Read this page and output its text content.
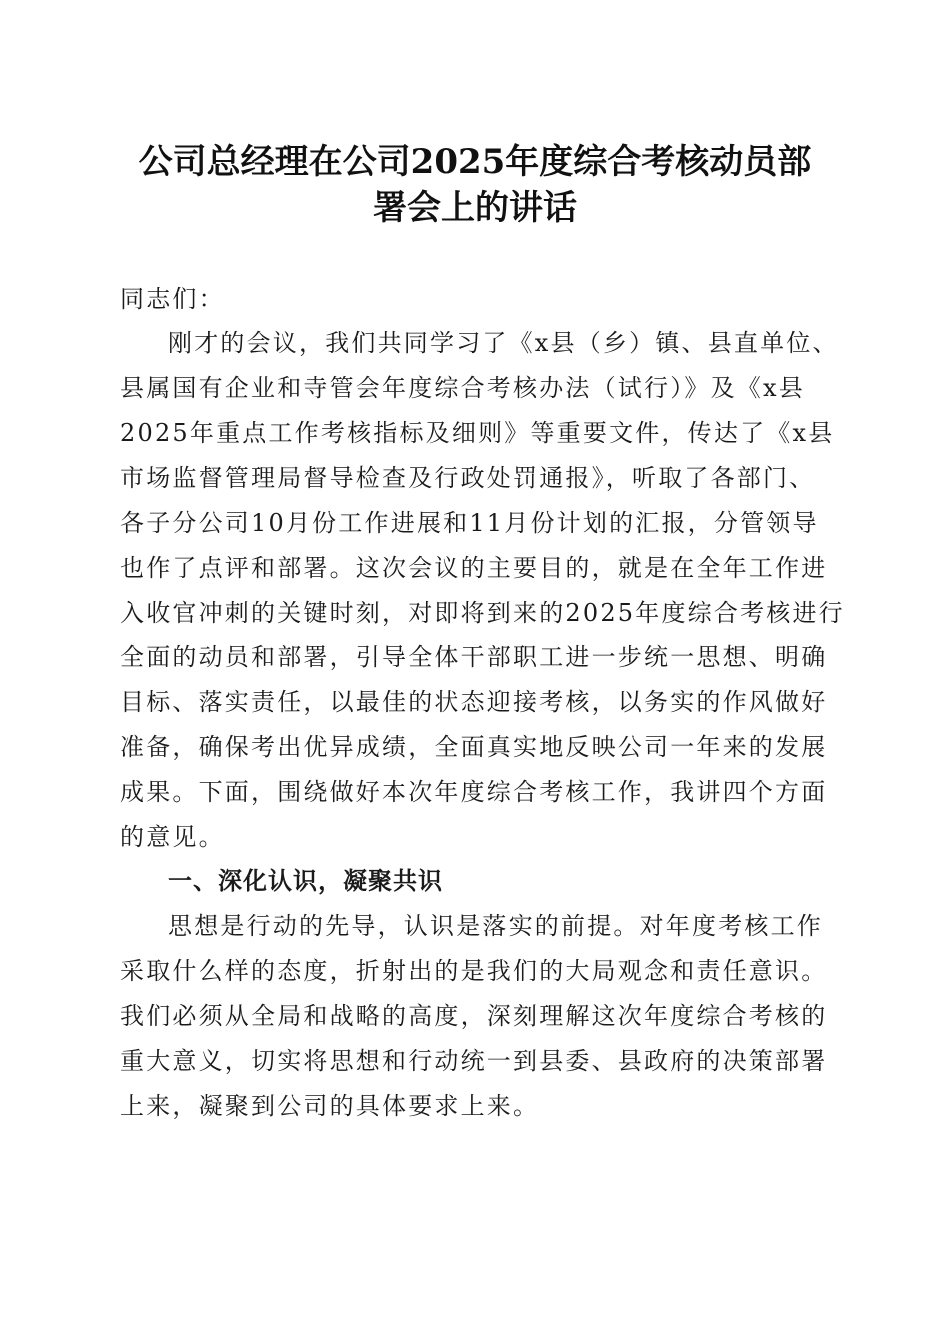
公司总经理在公司2025年度综合考核动员部
署会上的讲话
同志们：
刚才的会议，我们共同学习了《x县（乡）镇、县直单位、
县属国有企业和寺管会年度综合考核办法（试行）》及《x县
2025年重点工作考核指标及细则》等重要文件，传达了《x县
市场监督管理局督导检查及行政处罚通报》，听取了各部门、
各子分公司10月份工作进展和11月份计划的汇报，分管领导
也作了点评和部署。这次会议的主要目的，就是在全年工作进
入收官冲刺的关键时刻，对即将到来的2025年度综合考核进行
全面的动员和部署，引导全体干部职工进一步统一思想、明确
目标、落实责任，以最佳的状态迎接考核，以务实的作风做好
准备，确保考出优异成绩，全面真实地反映公司一年来的发展
成果。下面，围绕做好本次年度综合考核工作，我讲四个方面
的意见。
一、深化认识，凝聚共识
思想是行动的先导，认识是落实的前提。对年度考核工作
采取什么样的态度，折射出的是我们的大局观念和责任意识。
我们必须从全局和战略的高度，深刻理解这次年度综合考核的
重大意义，切实将思想和行动统一到县委、县政府的决策部署
上来，凝聚到公司的具体要求上来。
